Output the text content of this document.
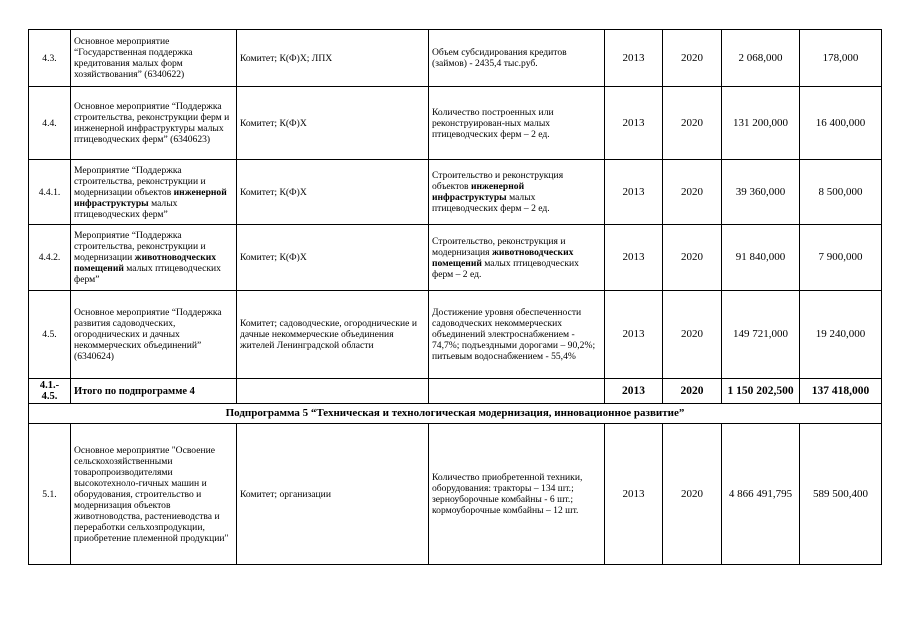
4.3.	Основное мероприятие “Государственная поддержка кредитования малых форм хозяйствования” (6340622)	Комитет; К(Ф)Х; ЛПХ	Объем субсидирования кредитов (займов) - 2435,4 тыс.руб.	2013	2020	2 068,000	178,000
4.4.	Основное мероприятие “Поддержка строительства, реконструкции ферм и инженерной инфраструктуры малых птицеводческих ферм” (6340623)	Комитет; К(Ф)Х	Количество построенных или реконструирован-ных малых птицеводческих ферм – 2 ед.	2013	2020	131 200,000	16 400,000
4.4.1.	Мероприятие “Поддержка строительства, реконструкции и модернизации объектов инженерной инфраструктуры малых птицеводческих ферм”	Комитет; К(Ф)Х	Строительство и реконструкция объектов инженерной инфраструктуры малых птицеводческих ферм – 2 ед.	2013	2020	39 360,000	8 500,000
4.4.2.	Мероприятие “Поддержка строительства, реконструкции и модернизации животноводческих помещений малых птицеводческих ферм”	Комитет; К(Ф)Х	Строительство, реконструкция и модернизация животноводческих помещений малых птицеводческих ферм – 2 ед.	2013	2020	91 840,000	7 900,000
4.5.	Основное мероприятие “Поддержка развития садоводческих, огороднических и дачных некоммерческих объединений” (6340624)	Комитет; садоводческие, огороднические и дачные некоммерческие объединения жителей Ленинградской области	Достижение уровня обеспеченности садоводческих некоммерческих объединений электроснабжением - 74,7%; подъездными дорогами – 90,2%; питьевым водоснабжением - 55,4%	2013	2020	149 721,000	19 240,000
4.1.- 4.5.	Итого по подпрограмме 4			2013	2020	1 150 202,500	137 418,000
Подпрограмма 5 “Техническая и технологическая модернизация, инновационное развитие”							
5.1.	Основное мероприятие "Освоение сельскохозяйственными товаропроизводителями высокотехноло-гичных машин и оборудования, строительство и модернизация объектов животноводства, растениеводства и переработки сельхозпродукции, приобретение племенной продукции"	Комитет; организации	Количество приобретенной техники, оборудования: тракторы – 134 шт.; зерноуборочные комбайны - 6 шт.; кормоуборочные комбайны – 12 шт.	2013	2020	4 866 491,795	589 500,400
